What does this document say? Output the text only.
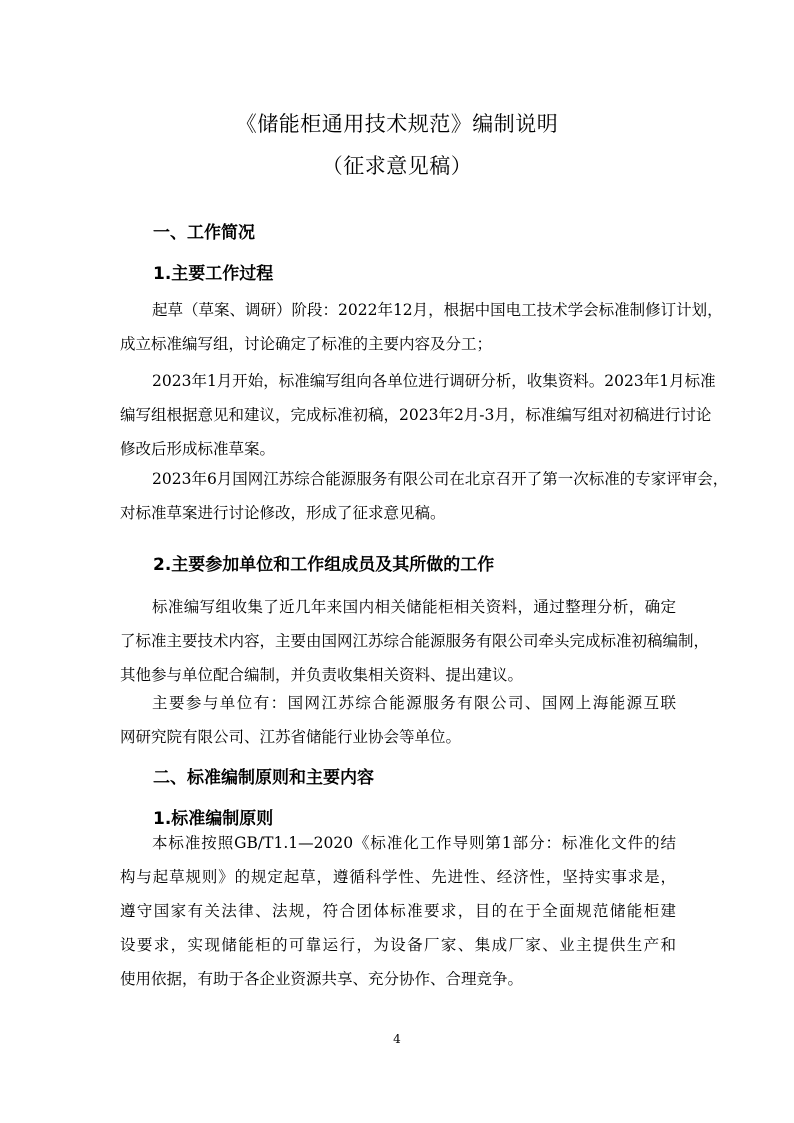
《储能柜通用技术规范》编制说明
（征求意见稿）
一、工作简况
1.主要工作过程
起草（草案、调研）阶段：2022年12月，根据中国电工技术学会标准制修订计划，
成立标准编写组，讨论确定了标准的主要内容及分工；
2023年1月开始，标准编写组向各单位进行调研分析，收集资料。2023年1月标准
编写组根据意见和建议，完成标准初稿，2023年2月-3月，标准编写组对初稿进行讨论
修改后形成标准草案。
2023年6月国网江苏综合能源服务有限公司在北京召开了第一次标准的专家评审会，
对标准草案进行讨论修改，形成了征求意见稿。
2.主要参加单位和工作组成员及其所做的工作
标准编写组收集了近几年来国内相关储能柜相关资料，通过整理分析，确定
了标准主要技术内容，主要由国网江苏综合能源服务有限公司牵头完成标准初稿编制，
其他参与单位配合编制，并负责收集相关资料、提出建议。
主要参与单位有：国网江苏综合能源服务有限公司、国网上海能源互联
网研究院有限公司、江苏省储能行业协会等单位。
二、标准编制原则和主要内容
1.标准编制原则
本标准按照GB/T1.1—2020《标准化工作导则第1部分：标准化文件的结
构与起草规则》的规定起草，遵循科学性、先进性、经济性，坚持实事求是，
遵守国家有关法律、法规，符合团体标准要求，目的在于全面规范储能柜建
设要求，实现储能柜的可靠运行，为设备厂家、集成厂家、业主提供生产和
使用依据，有助于各企业资源共享、充分协作、合理竞争。
4
